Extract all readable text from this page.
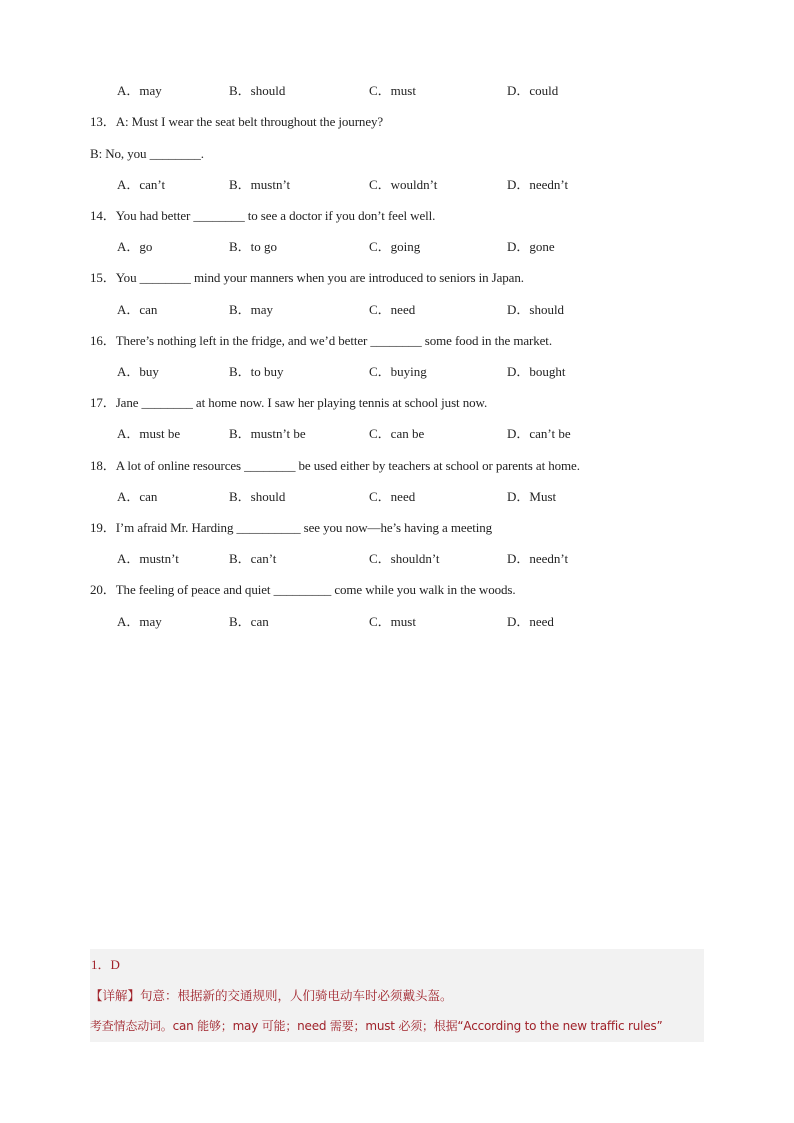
A．may	B．should	C．must	D．could
13．A: Must I wear the seat belt throughout the journey?
B: No, you ________.
A．can’t	B．mustn’t	C．wouldn’t	D．needn’t
14．You had better ________ to see a doctor if you don’t feel well.
A．go	B．to go	C．going	D．gone
15．You ________ mind your manners when you are introduced to seniors in Japan.
A．can	B．may	C．need	D．should
16．There’s nothing left in the fridge, and we’d better ________ some food in the market.
A．buy	B．to buy	C．buying	D．bought
17．Jane ________ at home now. I saw her playing tennis at school just now.
A．must be	B．mustn’t be	C．can be	D．can’t be
18．A lot of online resources ________ be used either by teachers at school or parents at home.
A．can	B．should	C．need	D．Must
19．I’m afraid Mr. Harding __________ see you now—he’s having a meeting
A．mustn’t	B．can’t	C．shouldn’t	D．needn’t
20．The feeling of peace and quiet _________ come while you walk in the woods.
A．may	B．can	C．must	D．need
1．D
【详解】句意：根据新的交通规则，人们骑电动车时必须戴头盔。
考查情态动词。can 能够；may 可能；need 需要；must 必须；根据“According to the new traffic rules”
